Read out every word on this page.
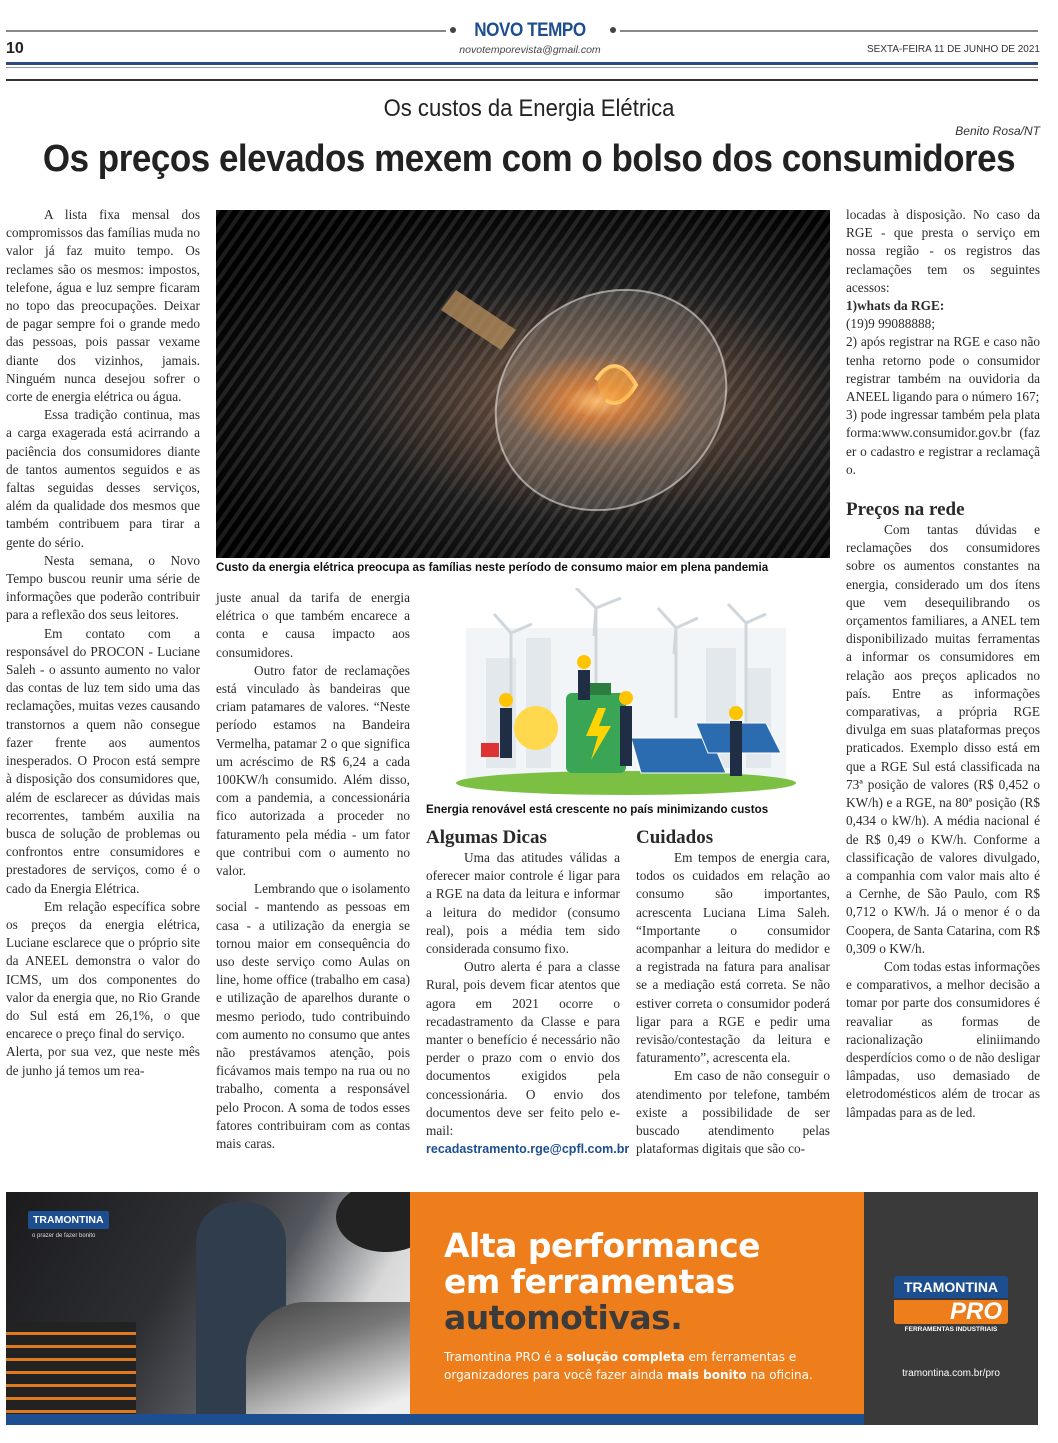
NOVO TEMPO
10	novotemporevista@gmail.com	SEXTA-FEIRA 11 DE JUNHO DE 2021
Os custos da Energia Elétrica
Benito Rosa/NT
Os preços elevados mexem com o bolso dos consumidores

A lista fixa mensal dos compromissos das famílias muda no valor já faz muito tempo. Os reclames são os mesmos: impostos, telefone, água e luz sempre ficaram no topo das preocupações. Deixar de pagar sempre foi o grande medo das pessoas, pois passar vexame diante dos vizinhos, jamais. Ninguém nunca desejou sofrer o corte de energia elétrica ou água.

Essa tradição continua, mas a carga exagerada está acirrando a paciência dos consumidores diante de tantos aumentos seguidos e as faltas seguidas desses serviços, além da qualidade dos mesmos que também contribuem para tirar a gente do sério.

Nesta semana, o Novo Tempo buscou reunir uma série de informações que poderão contribuir para a reflexão dos seus leitores.

Em contato com a responsável do PROCON - Luciane Saleh - o assunto aumento no valor das contas de luz tem sido uma das reclamações, muitas vezes causando transtornos a quem não consegue fazer frente aos aumentos inesperados. O Procon está sempre à disposição dos consumidores que, além de esclarecer as dúvidas mais recorrentes, também auxilia na busca de solução de problemas ou confrontos entre consumidores e prestadores de serviços, como é o cado da Energia Elétrica.

Em relação específica sobre os preços da energia elétrica, Luciane esclarece que o próprio site da ANEEL demonstra o valor do ICMS, um dos componentes do valor da energia que, no Rio Grande do Sul está em 26,1%, o que encarece o preço final do serviço.

Alerta, por sua vez, que neste mês de junho já temos um rea-

Custo da energia elétrica preocupa as famílias neste período de consumo maior em plena pandemia

juste anual da tarifa de energia elétrica o que também encarece a conta e causa impacto aos consumidores.

Outro fator de reclamações está vinculado às bandeiras que criam patamares de valores. “Neste período estamos na Bandeira Vermelha, patamar 2 o que significa um acréscimo de R$ 6,24 a cada 100KW/h consumido. Além disso, com a pandemia, a concessionária fico autorizada a proceder no faturamento pela média - um fator que contribui com o aumento no valor.

Lembrando que o isolamento social - mantendo as pessoas em casa - a utilização da energia se tornou maior em consequência do uso deste serviço como Aulas on line, home office (trabalho em casa) e utilização de aparelhos durante o mesmo periodo, tudo contribuindo com aumento no consumo que antes não prestávamos atenção, pois ficávamos mais tempo na rua ou no trabalho, comenta a responsável pelo Procon. A soma de todos esses fatores contribuiram com as contas mais caras.

Energia renovável está crescente no país minimizando custos
Algumas Dicas

Uma das atitudes válidas a oferecer maior controle é ligar para a RGE na data da leitura e informar a leitura do medidor (consumo real), pois a média tem sido considerada consumo fixo.

Outro alerta é para a classe Rural, pois devem ficar atentos que agora em 2021 ocorre o recadastramento da Classe e para manter o benefício é necessário não perder o prazo com o envio dos documentos exigidos pela concessionária. O envio dos documentos deve ser feito pelo e-mail:

recadastramento.rge@cpfl.com.br

Cuidados

Em tempos de energia cara, todos os cuidados em relação ao consumo são importantes, acrescenta Luciana Lima Saleh. “Importante o consumidor acompanhar a leitura do medidor e a registrada na fatura para analisar se a mediação está correta. Se não estiver correta o consumidor poderá ligar para a RGE e pedir uma revisão/contestação da leitura e faturamento”, acrescenta ela.

Em caso de não conseguir o atendimento por telefone, também existe a possibilidade de ser buscado atendimento pelas plataformas digitais que são co-

locadas à disposição. No caso da RGE - que presta o serviço em nossa região - os registros das reclamações tem os seguintes acessos:

1)whats da RGE:

(19)9 99088888;

2) após registrar na RGE e caso não tenha retorno pode o consumidor registrar também na ouvidoria da ANEEL ligando para o número 167;

3) pode ingressar também pela plataforma:www.consumidor.gov.br (fazer o cadastro e registrar a reclamação.

Preços na rede

Com tantas dúvidas e reclamações dos consumidores sobre os aumentos constantes na energia, considerado um dos ítens que vem desequilibrando os orçamentos familiares, a ANEL tem disponibilizado muitas ferramentas a informar os consumidores em relação aos preços aplicados no país. Entre as informações comparativas, a própria RGE divulga em suas plataformas preços praticados. Exemplo disso está em que a RGE Sul está classificada na 73ª posição de valores (R$ 0,452 o KW/h) e a RGE, na 80ª posição (R$ 0,434 o kW/h). A média nacional é de R$ 0,49 o KW/h. Conforme a classificação de valores divulgado, a companhia com valor mais alto é a Cernhe, de São Paulo, com R$ 0,712 o KW/h. Já o menor é o da Coopera, de Santa Catarina, com R$ 0,309 o KW/h.

Com todas estas informações e comparativos, a melhor decisão a tomar por parte dos consumidores é reavaliar as formas de racionalização eliniimando desperdícios como o de não desligar lâmpadas, uso demasiado de eletrodomésticos além de trocar as lâmpadas para as de led.

TRAMONTINA
o prazer de fazer bonito	Alta performance
em ferramentas
automotivas.
Tramontina PRO é a solução completa em ferramentas e organizadores para você fazer ainda mais bonito na oficina.
TRAMONTINA
PRO
FERRAMENTAS INDUSTRIAIS
tramontina.com.br/pro
